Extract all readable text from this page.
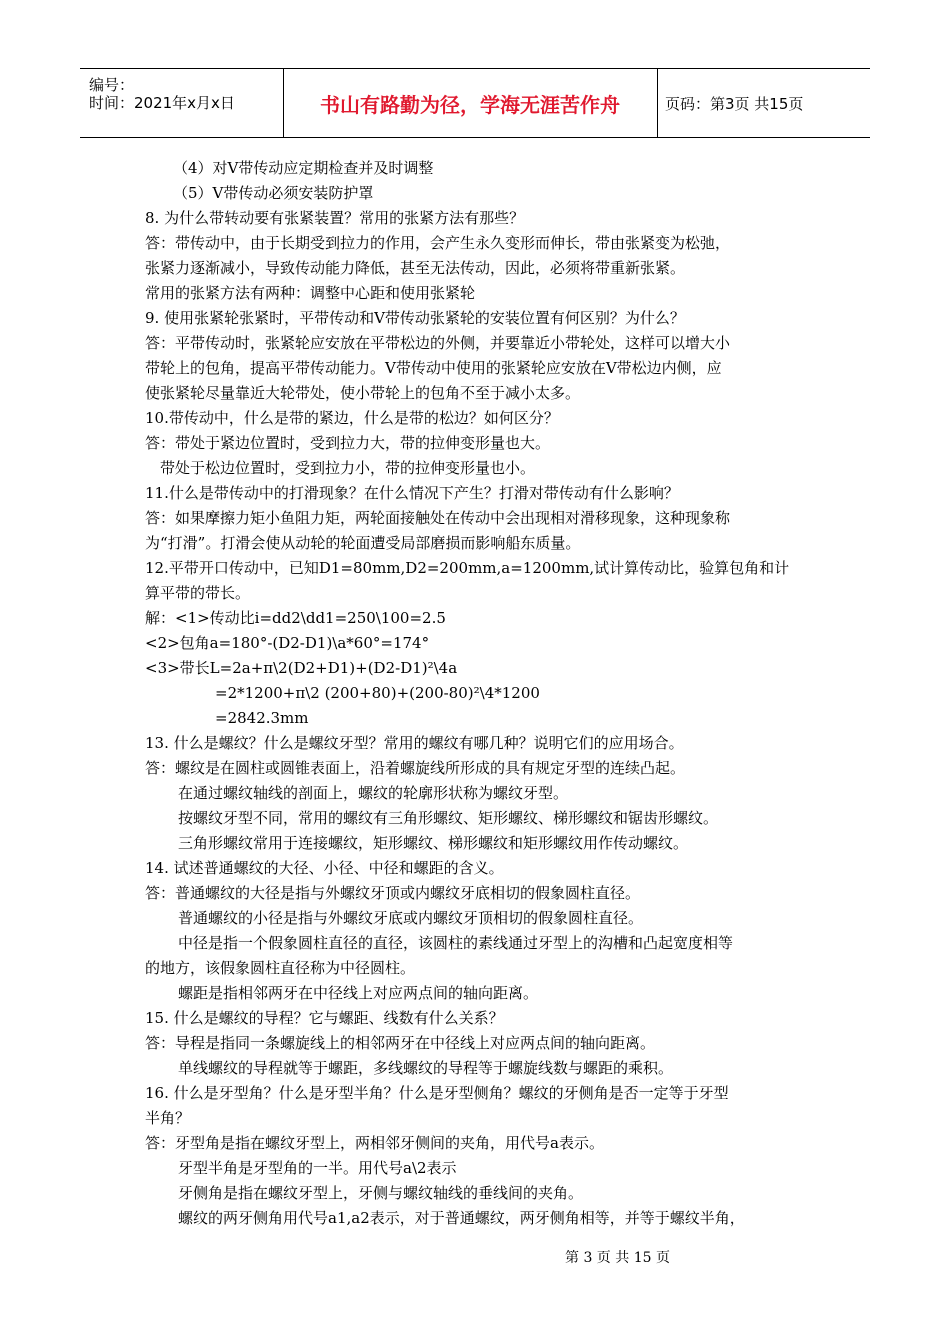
编号：
时间：2021年x月x日	书山有路勤为径，学海无涯苦作舟	页码：第3页 共15页
（4）对V带传动应定期检查并及时调整
（5）V带传动必须安装防护罩
8. 为什么带转动要有张紧装置？常用的张紧方法有那些？
答：带传动中，由于长期受到拉力的作用，会产生永久变形而伸长，带由张紧变为松弛，
张紧力逐渐减小，导致传动能力降低，甚至无法传动，因此，必须将带重新张紧。
常用的张紧方法有两种：调整中心距和使用张紧轮
9. 使用张紧轮张紧时，平带传动和V带传动张紧轮的安装位置有何区别？为什么？
答：平带传动时，张紧轮应安放在平带松边的外侧，并要靠近小带轮处，这样可以增大小
带轮上的包角，提高平带传动能力。V带传动中使用的张紧轮应安放在V带松边内侧，应
使张紧轮尽量靠近大轮带处，使小带轮上的包角不至于减小太多。
10.带传动中，什么是带的紧边，什么是带的松边？如何区分？
答：带处于紧边位置时，受到拉力大，带的拉伸变形量也大。
带处于松边位置时，受到拉力小，带的拉伸变形量也小。
11.什么是带传动中的打滑现象？在什么情况下产生？打滑对带传动有什么影响？
答：如果摩擦力矩小鱼阻力矩，两轮面接触处在传动中会出现相对滑移现象，这种现象称
为“打滑”。打滑会使从动轮的轮面遭受局部磨损而影响船东质量。
12.平带开口传动中，已知D1=80mm,D2=200mm,a=1200mm,试计算传动比，验算包角和计
算平带的带长。
解：<1>传动比i=dd2\dd1=250\100=2.5
<2>包角a=180°-(D2-D1)\a*60°=174°
<3>带长L=2a+π\2(D2+D1)+(D2-D1)²\4a
=2*1200+π\2 (200+80)+(200-80)²\4*1200
=2842.3mm
13. 什么是螺纹？什么是螺纹牙型？常用的螺纹有哪几种？说明它们的应用场合。
答：螺纹是在圆柱或圆锥表面上，沿着螺旋线所形成的具有规定牙型的连续凸起。
在通过螺纹轴线的剖面上，螺纹的轮廓形状称为螺纹牙型。
按螺纹牙型不同，常用的螺纹有三角形螺纹、矩形螺纹、梯形螺纹和锯齿形螺纹。
三角形螺纹常用于连接螺纹，矩形螺纹、梯形螺纹和矩形螺纹用作传动螺纹。
14. 试述普通螺纹的大径、小径、中径和螺距的含义。
答：普通螺纹的大径是指与外螺纹牙顶或内螺纹牙底相切的假象圆柱直径。
普通螺纹的小径是指与外螺纹牙底或内螺纹牙顶相切的假象圆柱直径。
中径是指一个假象圆柱直径的直径，该圆柱的素线通过牙型上的沟槽和凸起宽度相等
的地方，该假象圆柱直径称为中径圆柱。
螺距是指相邻两牙在中径线上对应两点间的轴向距离。
15. 什么是螺纹的导程？它与螺距、线数有什么关系？
答：导程是指同一条螺旋线上的相邻两牙在中径线上对应两点间的轴向距离。
单线螺纹的导程就等于螺距，多线螺纹的导程等于螺旋线数与螺距的乘积。
16. 什么是牙型角？什么是牙型半角？什么是牙型侧角？螺纹的牙侧角是否一定等于牙型
半角？
答：牙型角是指在螺纹牙型上，两相邻牙侧间的夹角，用代号a表示。
牙型半角是牙型角的一半。用代号a\2表示
牙侧角是指在螺纹牙型上，牙侧与螺纹轴线的垂线间的夹角。
螺纹的两牙侧角用代号a1,a2表示，对于普通螺纹，两牙侧角相等，并等于螺纹半角，
第 3 页 共 15 页
